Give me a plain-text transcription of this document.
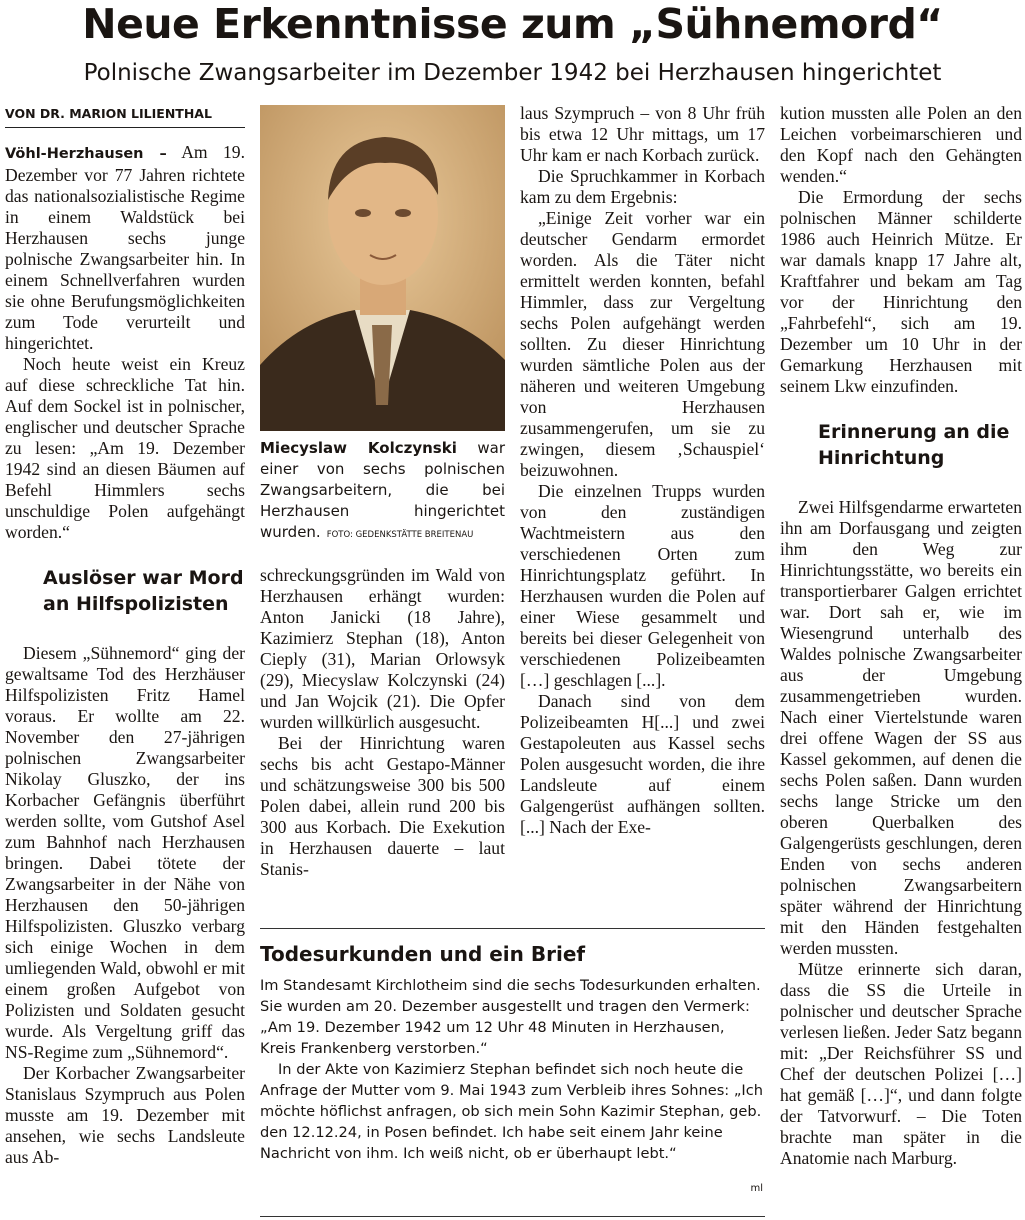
Neue Erkenntnisse zum „Sühnemord“
Polnische Zwangsarbeiter im Dezember 1942 bei Herzhausen hingerichtet
VON DR. MARION LILIENTHAL

Vöhl-Herzhausen – Am 19. Dezember vor 77 Jahren richtete das nationalsozialistische Regime in einem Waldstück bei Herzhausen sechs junge polnische Zwangsarbeiter hin. In einem Schnellverfahren wurden sie ohne Berufungsmöglichkeiten zum Tode verurteilt und hingerichtet.

Noch heute weist ein Kreuz auf diese schreckliche Tat hin. Auf dem Sockel ist in polnischer, englischer und deutscher Sprache zu lesen: „Am 19. Dezember 1942 sind an diesen Bäumen auf Befehl Himmlers sechs unschuldige Polen aufgehängt worden.“

Auslöser war Mord an Hilfspolizisten

Diesem „Sühnemord“ ging der gewaltsame Tod des Herzhäuser Hilfspolizisten Fritz Hamel voraus. Er wollte am 22. November den 27-jährigen polnischen Zwangsarbeiter Nikolay Gluszko, der ins Korbacher Gefängnis überführt werden sollte, vom Gutshof Asel zum Bahnhof nach Herzhausen bringen. Dabei tötete der Zwangsarbeiter in der Nähe von Herzhausen den 50-jährigen Hilfspolizisten. Gluszko verbarg sich einige Wochen in dem umliegenden Wald, obwohl er mit einem großen Aufgebot von Polizisten und Soldaten gesucht wurde. Als Vergeltung griff das NS-Regime zum „Sühnemord“.

Der Korbacher Zwangsarbeiter Stanislaus Szympruch aus Polen musste am 19. Dezember mit ansehen, wie sechs Landsleute aus Ab-

Miecyslaw Kolczynski war einer von sechs polnischen Zwangsarbeitern, die bei Herzhausen hingerichtet wurden. FOTO: GEDENKSTÄTTE BREITENAU

schreckungsgründen im Wald von Herzhausen erhängt wurden: Anton Janicki (18 Jahre), Kazimierz Stephan (18), Anton Cieply (31), Marian Orlowsyk (29), Miecyslaw Kolczynski (24) und Jan Wojcik (21). Die Opfer wurden willkürlich ausgesucht.

Bei der Hinrichtung waren sechs bis acht Gestapo-Männer und schätzungsweise 300 bis 500 Polen dabei, allein rund 200 bis 300 aus Korbach. Die Exekution in Herzhausen dauerte – laut Stanis-

laus Szympruch – von 8 Uhr früh bis etwa 12 Uhr mittags, um 17 Uhr kam er nach Korbach zurück.

Die Spruchkammer in Korbach kam zu dem Ergebnis:

„Einige Zeit vorher war ein deutscher Gendarm ermordet worden. Als die Täter nicht ermittelt werden konnten, befahl Himmler, dass zur Vergeltung sechs Polen aufgehängt werden sollten. Zu dieser Hinrichtung wurden sämtliche Polen aus der näheren und weiteren Umgebung von Herzhausen zusammengerufen, um sie zu zwingen, diesem ‚Schauspiel‘ beizuwohnen.

Die einzelnen Trupps wurden von den zuständigen Wachtmeistern aus den verschiedenen Orten zum Hinrichtungsplatz geführt. In Herzhausen wurden die Polen auf einer Wiese gesammelt und bereits bei dieser Gelegenheit von verschiedenen Polizeibeamten […] geschlagen [...].

Danach sind von dem Polizeibeamten H[...] und zwei Gestapoleuten aus Kassel sechs Polen ausgesucht worden, die ihre Landsleute auf einem Galgengerüst aufhängen sollten. [...] Nach der Exe-

kution mussten alle Polen an den Leichen vorbeimarschieren und den Kopf nach den Gehängten wenden.“

Die Ermordung der sechs polnischen Männer schilderte 1986 auch Heinrich Mütze. Er war damals knapp 17 Jahre alt, Kraftfahrer und bekam am Tag vor der Hinrichtung den „Fahrbefehl“, sich am 19. Dezember um 10 Uhr in der Gemarkung Herzhausen mit seinem Lkw einzufinden.

Erinnerung an die Hinrichtung

Zwei Hilfsgendarme erwarteten ihn am Dorfausgang und zeigten ihm den Weg zur Hinrichtungsstätte, wo bereits ein transportierbarer Galgen errichtet war. Dort sah er, wie im Wiesengrund unterhalb des Waldes polnische Zwangsarbeiter aus der Umgebung zusammengetrieben wurden. Nach einer Viertelstunde waren drei offene Wagen der SS aus Kassel gekommen, auf denen die sechs Polen saßen. Dann wurden sechs lange Stricke um den oberen Querbalken des Galgengerüsts geschlungen, deren Enden von sechs anderen polnischen Zwangsarbeitern später während der Hinrichtung mit den Händen festgehalten werden mussten.

Mütze erinnerte sich daran, dass die SS die Urteile in polnischer und deutscher Sprache verlesen ließen. Jeder Satz begann mit: „Der Reichsführer SS und Chef der deutschen Polizei […] hat gemäß […]“, und dann folgte der Tatvorwurf. – Die Toten brachte man später in die Anatomie nach Marburg.

Todesurkunden und ein Brief

Im Standesamt Kirchlotheim sind die sechs Todesurkunden erhalten. Sie wurden am 20. Dezember ausgestellt und tragen den Vermerk: „Am 19. Dezember 1942 um 12 Uhr 48 Minuten in Herzhausen, Kreis Frankenberg verstorben.“

In der Akte von Kazimierz Stephan befindet sich noch heute die Anfrage der Mutter vom 9. Mai 1943 zum Verbleib ihres Sohnes: „Ich möchte höflichst anfragen, ob sich mein Sohn Kazimir Stephan, geb. den 12.12.24, in Posen befindet. Ich habe seit einem Jahr keine Nachricht von ihm. Ich weiß nicht, ob er überhaupt lebt.“

ml
